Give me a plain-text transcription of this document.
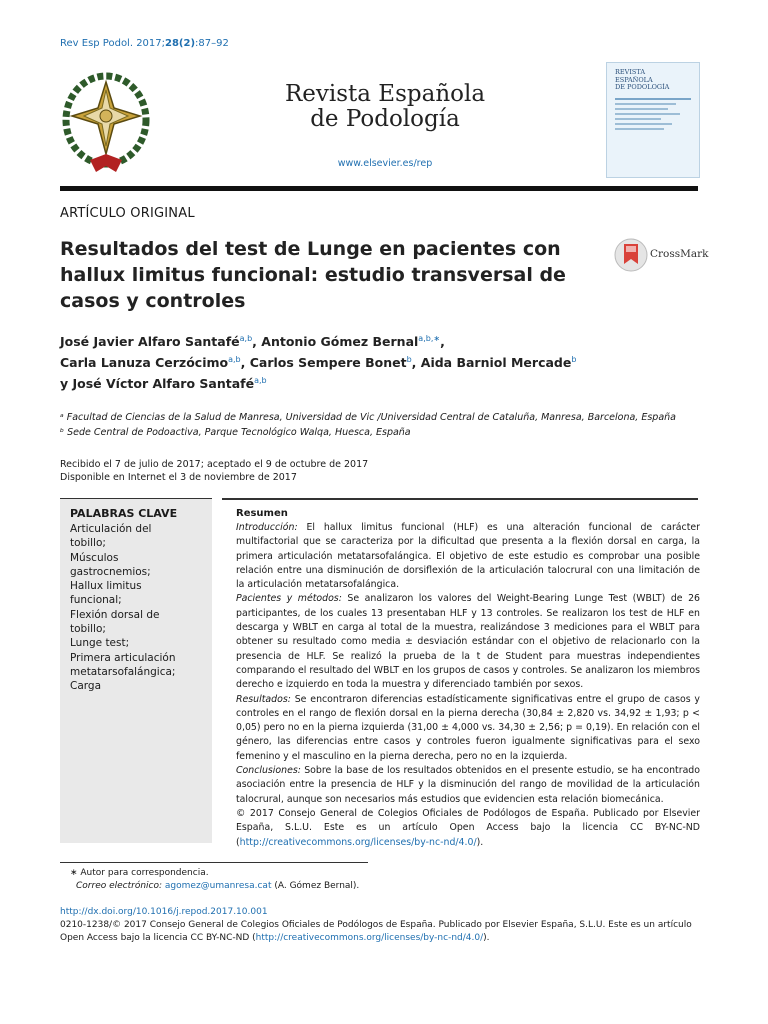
Rev Esp Podol. 2017;28(2):87–92
Revista Española
de Podología
www.elsevier.es/rep
REVISTA
ESPAÑOLA
DE PODOLOGÍA
ARTÍCULO ORIGINAL
Resultados del test de Lunge en pacientes con hallux limitus funcional: estudio transversal de casos y controles
CrossMark
José Javier Alfaro Santafé$^{a,b}$, Antonio Gómez Bernal$^{a,b,∗}$,
Carla Lanuza Cerzócimo$^{a,b}$, Carlos Sempere Bonet$^b$, Aida Barniol Mercade$^b$
y José Víctor Alfaro Santafé$^{a,b}$
ᵃ Facultad de Ciencias de la Salud de Manresa, Universidad de Vic /Universidad Central de Cataluña, Manresa, Barcelona, España
ᵇ Sede Central de Podoactiva, Parque Tecnológico Walqa, Huesca, España
Recibido el 7 de julio de 2017; aceptado el 9 de octubre de 2017
Disponible en Internet el 3 de noviembre de 2017
PALABRAS CLAVE
Articulación del
tobillo;
Músculos
gastrocnemios;
Hallux limitus
funcional;
Flexión dorsal de
tobillo;
Lunge test;
Primera articulación
metatarsofalángica;
Carga
Resumen

Introducción: El hallux limitus funcional (HLF) es una alteración funcional de carácter multifactorial que se caracteriza por la dificultad que presenta a la flexión dorsal en carga, la primera articulación metatarsofalángica. El objetivo de este estudio es comprobar una posible relación entre una disminución de dorsiflexión de la articulación talocrural con una limitación de la articulación metatarsofalángica.

Pacientes y métodos: Se analizaron los valores del Weight-Bearing Lunge Test (WBLT) de 26 participantes, de los cuales 13 presentaban HLF y 13 controles. Se realizaron los test de HLF en descarga y WBLT en carga al total de la muestra, realizándose 3 mediciones para el WBLT para obtener su resultado como media ± desviación estándar con el objetivo de relacionarlo con la presencia de HLF. Se realizó la prueba de la t de Student para muestras independientes comparando el resultado del WBLT en los grupos de casos y controles. Se analizaron los miembros derecho e izquierdo en toda la muestra y diferenciado también por sexos.

Resultados: Se encontraron diferencias estadísticamente significativas entre el grupo de casos y controles en el rango de flexión dorsal en la pierna derecha (30,84 ± 2,820 vs. 34,92 ± 1,93; p < 0,05) pero no en la pierna izquierda (31,00 ± 4,000 vs. 34,30 ± 2,56; p = 0,19). En relación con el género, las diferencias entre casos y controles fueron igualmente significativas para el sexo femenino y el masculino en la pierna derecha, pero no en la izquierda.

Conclusiones: Sobre la base de los resultados obtenidos en el presente estudio, se ha encontrado asociación entre la presencia de HLF y la disminución del rango de movilidad de la articulación talocrural, aunque son necesarios más estudios que evidencien esta relación biomecánica.

© 2017 Consejo General de Colegios Oficiales de Podólogos de España. Publicado por Elsevier España, S.L.U. Este es un artículo Open Access bajo la licencia CC BY-NC-ND (http://creativecommons.org/licenses/by-nc-nd/4.0/).

∗ Autor para correspondencia.
Correo electrónico: agomez@umanresa.cat (A. Gómez Bernal).
http://dx.doi.org/10.1016/j.repod.2017.10.001
0210-1238/© 2017 Consejo General de Colegios Oficiales de Podólogos de España. Publicado por Elsevier España, S.L.U. Este es un artículo Open Access bajo la licencia CC BY-NC-ND (http://creativecommons.org/licenses/by-nc-nd/4.0/).
